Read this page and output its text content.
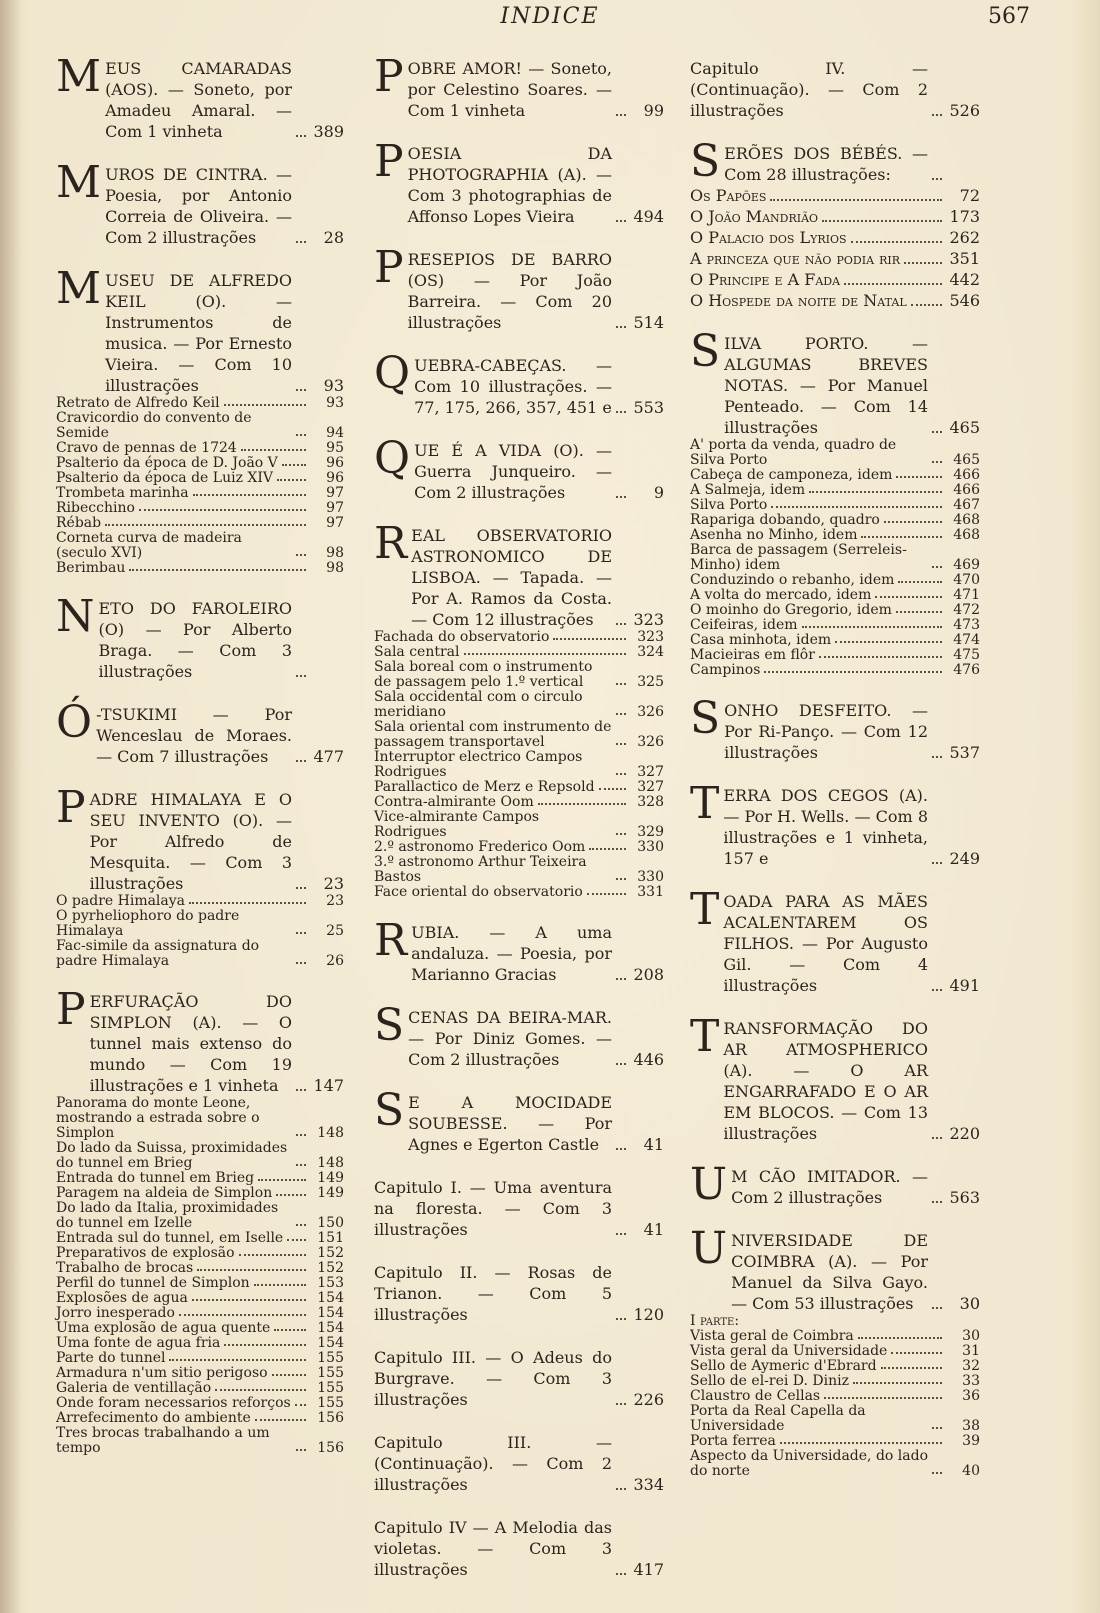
INDICE	567
M EUS CAMARADAS (AOS). — Soneto, por Amadeu Amaral. — Com 1 vinheta	389
M UROS DE CINTRA. — Poesia, por Antonio Correia de Oliveira. — Com 2 illustrações	28
M USEU DE ALFREDO KEIL (O). — Instrumentos de musica. — Por Ernesto Vieira. — Com 10 illustrações	93
Retrato de Alfredo Keil	93
Cravicordio do convento de Semide	94
Cravo de pennas de 1724	95
Psalterio da época de D. João V	96
Psalterio da época de Luiz XIV	96
Trombeta marinha	97
Ribecchino	97
Rébab	97
Corneta curva de madeira (seculo XVI)	98
Berimbau	98
N ETO DO FAROLEIRO (O) — Por Alberto Braga. — Com 3 illustrações
Ó -TSUKIMI — Por Wenceslau de Moraes. — Com 7 illustrações	477
P ADRE HIMALAYA E O SEU INVENTO (O). — Por Alfredo de Mesquita. — Com 3 illustrações	23
O padre Himalaya	23
O pyrheliophoro do padre Himalaya	25
Fac-simile da assignatura do padre Himalaya	26
P ERFURAÇÃO DO SIMPLON (A). — O tunnel mais extenso do mundo — Com 19 illustrações e 1 vinheta	147
Panorama do monte Leone, mostrando a estrada sobre o Simplon	148
Do lado da Suissa, proximidades do tunnel em Brieg	148
Entrada do tunnel em Brieg	149
Paragem na aldeia de Simplon	149
Do lado da Italia, proximidades do tunnel em Izelle	150
Entrada sul do tunnel, em Iselle	151
Preparativos de explosão	152
Trabalho de brocas	152
Perfil do tunnel de Simplon	153
Explosões de agua	154
Jorro inesperado	154
Uma explosão de agua quente	154
Uma fonte de agua fria	154
Parte do tunnel	155
Armadura n'um sitio perigoso	155
Galeria de ventillação	155
Onde foram necessarios reforços	155
Arrefecimento do ambiente	156
Tres brocas trabalhando a um tempo	156
P OBRE AMOR! — Soneto, por Celestino Soares. — Com 1 vinheta	99
P OESIA DA PHOTOGRAPHIA (A). — Com 3 photographias de Affonso Lopes Vieira	494
P RESEPIOS DE BARRO (OS) — Por João Barreira. — Com 20 illustrações	514
Q UEBRA-CABEÇAS. — Com 10 illustrações. — 77, 175, 266, 357, 451 e 553
Q UE É A VIDA (O). — Guerra Junqueiro. — Com 2 illustrações	9
R EAL OBSERVATORIO ASTRONOMICO DE LISBOA. — Tapada. — Por A. Ramos da Costa. — Com 12 illustrações	323
Fachada do observatorio	323
Sala central	324
Sala boreal com o instrumento de passagem pelo 1.º vertical	325
Sala occidental com o circulo meridiano	326
Sala oriental com instrumento de passagem transportavel	326
Interruptor electrico Campos Rodrigues	327
Parallactico de Merz e Repsold	327
Contra-almirante Oom	328
Vice-almirante Campos Rodrigues	329
2.º astronomo Frederico Oom	330
3.º astronomo Arthur Teixeira Bastos	330
Face oriental do observatorio	331
R UBIA. — A uma andaluza. — Poesia, por Marianno Gracias	208
S CENAS DA BEIRA-MAR. — Por Diniz Gomes. — Com 2 illustrações	446
S E A MOCIDADE SOUBESSE. — Por Agnes e Egerton Castle	41
Capitulo I. — Uma aventura na floresta. — Com 3 illustrações	41
Capitulo II. — Rosas de Trianon. — Com 5 illustrações	120
Capitulo III. — O Adeus do Burgrave. — Com 3 illustrações	226
Capitulo III. — (Continuação). — Com 2 illustrações	334
Capitulo IV — A Melodia das violetas. — Com 3 illustrações	417
Capitulo IV. — (Continuação). — Com 2 illustrações	526
S ERÕES DOS BÉBÉS. — Com 28 illustrações:
Os Papões	72
O João Mandrião	173
O Palacio dos Lyrios	262
A princeza que não podia rir	351
O Principe e A Fada	442
O Hospede da noite de Natal	546
S ILVA PORTO. — ALGUMAS BREVES NOTAS. — Por Manuel Penteado. — Com 14 illustrações	465
A' porta da venda, quadro de Silva Porto	465
Cabeça de camponeza, idem	466
A Salmeja, idem	466
Silva Porto	467
Rapariga dobando, quadro	468
Asenha no Minho, idem	468
Barca de passagem (Serreleis-Minho) idem	469
Conduzindo o rebanho, idem	470
A volta do mercado, idem	471
O moinho do Gregorio, idem	472
Ceifeiras, idem	473
Casa minhota, idem	474
Macieiras em flôr	475
Campinos	476
S ONHO DESFEITO. — Por Ri-Panço. — Com 12 illustrações	537
T ERRA DOS CEGOS (A). — Por H. Wells. — Com 8 illustrações e 1 vinheta, 157 e	249
T OADA PARA AS MÃES ACALENTAREM OS FILHOS. — Por Augusto Gil. — Com 4 illustrações	491
T RANSFORMAÇÃO DO AR ATMOSPHERICO (A). — O AR ENGARRAFADO E O AR EM BLOCOS. — Com 13 illustrações	220
U M CÃO IMITADOR. — Com 2 illustrações	563
U NIVERSIDADE DE COIMBRA (A). — Por Manuel da Silva Gayo. — Com 53 illustrações	30
I parte:
Vista geral de Coimbra	30
Vista geral da Universidade	31
Sello de Aymeric d'Ebrard	32
Sello de el-rei D. Diniz	33
Claustro de Cellas	36
Porta da Real Capella da Universidade	38
Porta ferrea	39
Aspecto da Universidade, do lado do norte	40
